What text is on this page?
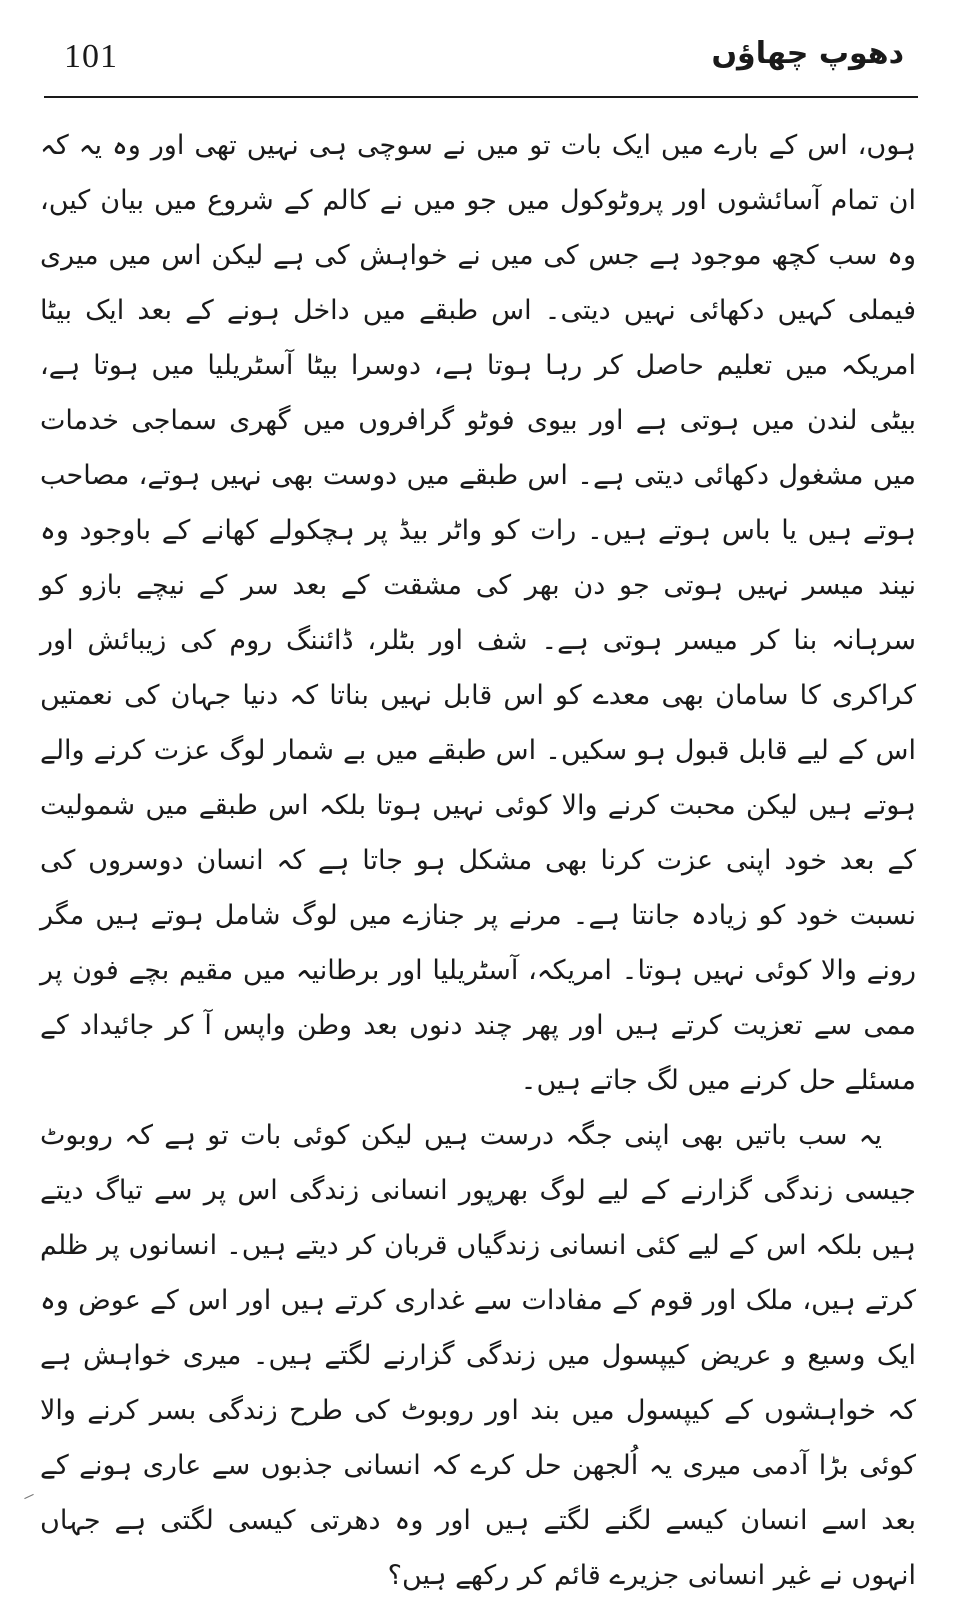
101	دھوپ چھاؤں

ہوں، اس کے بارے میں ایک بات تو میں نے سوچی ہی نہیں تھی اور وہ یہ کہ ان تمام آسائشوں اور پروٹوکول میں جو میں نے کالم کے شروع میں بیان کیں، وہ سب کچھ موجود ہے جس کی میں نے خواہش کی ہے لیکن اس میں میری فیملی کہیں دکھائی نہیں دیتی۔ اس طبقے میں داخل ہونے کے بعد ایک بیٹا امریکہ میں تعلیم حاصل کر رہا ہوتا ہے، دوسرا بیٹا آسٹریلیا میں ہوتا ہے، بیٹی لندن میں ہوتی ہے اور بیوی فوٹو گرافروں میں گھری سماجی خدمات میں مشغول دکھائی دیتی ہے۔ اس طبقے میں دوست بھی نہیں ہوتے، مصاحب ہوتے ہیں یا باس ہوتے ہیں۔ رات کو واٹر بیڈ پر ہچکولے کھانے کے باوجود وہ نیند میسر نہیں ہوتی جو دن بھر کی مشقت کے بعد سر کے نیچے بازو کو سرہانہ بنا کر میسر ہوتی ہے۔ شف اور بٹلر، ڈائننگ روم کی زیبائش اور کراکری کا سامان بھی معدے کو اس قابل نہیں بناتا کہ دنیا جہان کی نعمتیں اس کے لیے قابل قبول ہو سکیں۔ اس طبقے میں بے شمار لوگ عزت کرنے والے ہوتے ہیں لیکن محبت کرنے والا کوئی نہیں ہوتا بلکہ اس طبقے میں شمولیت کے بعد خود اپنی عزت کرنا بھی مشکل ہو جاتا ہے کہ انسان دوسروں کی نسبت خود کو زیادہ جانتا ہے۔ مرنے پر جنازے میں لوگ شامل ہوتے ہیں مگر رونے والا کوئی نہیں ہوتا۔ امریکہ، آسٹریلیا اور برطانیہ میں مقیم بچے فون پر ممی سے تعزیت کرتے ہیں اور پھر چند دنوں بعد وطن واپس آ کر جائیداد کے مسئلے حل کرنے میں لگ جاتے ہیں۔

یہ سب باتیں بھی اپنی جگہ درست ہیں لیکن کوئی بات تو ہے کہ روبوٹ جیسی زندگی گزارنے کے لیے لوگ بھرپور انسانی زندگی اس پر سے تیاگ دیتے ہیں بلکہ اس کے لیے کئی انسانی زندگیاں قربان کر دیتے ہیں۔ انسانوں پر ظلم کرتے ہیں، ملک اور قوم کے مفادات سے غداری کرتے ہیں اور اس کے عوض وہ ایک وسیع و عریض کیپسول میں زندگی گزارنے لگتے ہیں۔ میری خواہش ہے کہ خواہشوں کے کیپسول میں بند اور روبوٹ کی طرح زندگی بسر کرنے والا کوئی بڑا آدمی میری یہ اُلجھن حل کرے کہ انسانی جذبوں سے عاری ہونے کے بعد اسے انسان کیسے لگنے لگتے ہیں اور وہ دھرتی کیسی لگتی ہے جہاں انہوں نے غیر انسانی جزیرے قائم کر رکھے ہیں؟
